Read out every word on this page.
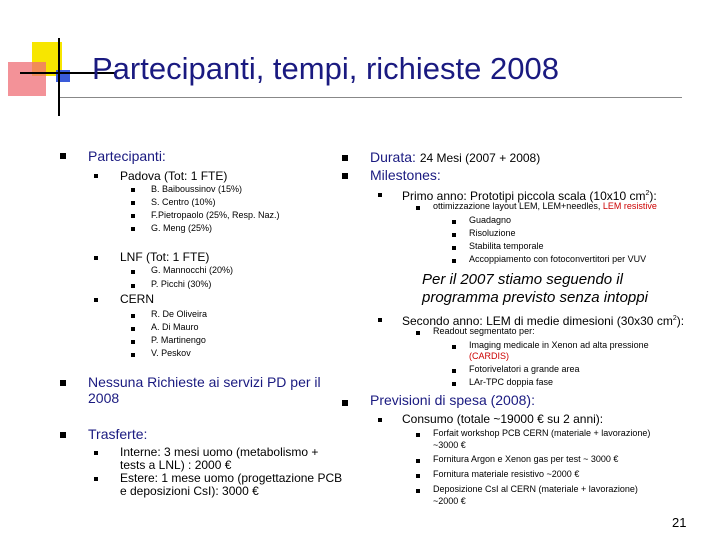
Partecipanti, tempi, richieste 2008
Partecipanti:
Padova (Tot: 1 FTE)
B. Baiboussinov (15%)
S. Centro (10%)
F.Pietropaolo (25%, Resp. Naz.)
G. Meng (25%)
LNF (Tot: 1 FTE)
G. Mannocchi (20%)
P. Picchi (30%)
CERN
R. De Oliveira
A. Di Mauro
P. Martinengo
V. Peskov
Nessuna Richieste ai servizi PD per il
2008
Trasferte:
Interne: 3 mesi uomo (metabolismo +
tests a LNL) : 2000 €
Estere: 1 mese uomo (progettazione PCB
e deposizioni CsI): 3000 €
Durata: 24 Mesi (2007 + 2008)
Milestones:
Primo anno: Prototipi piccola scala (10x10 $cm^2$):
ottimizzazione layout LEM, LEM+needles, LEM resistive
Guadagno
Risoluzione
Stabilita temporale
Accoppiamento con fotoconvertitori per VUV
Per il 2007 stiamo seguendo il
programma previsto senza intoppi
Secondo anno: LEM di medie dimesioni (30x30 $cm^2$):
Readout segmentato per:
Imaging medicale in Xenon ad alta pressione (CARDIS)
Fotorivelatori a grande area
LAr-TPC doppia fase
Previsioni di spesa (2008):
Consumo (totale ~19000 € su 2 anni):
Forfait workshop PCB CERN (materiale + lavorazione)
~3000 €
Fornitura Argon e Xenon gas per test ~ 3000 €
Fornitura materiale resistivo ~2000 €
Deposizione CsI al CERN (materiale + lavorazione)
~2000 €
21
